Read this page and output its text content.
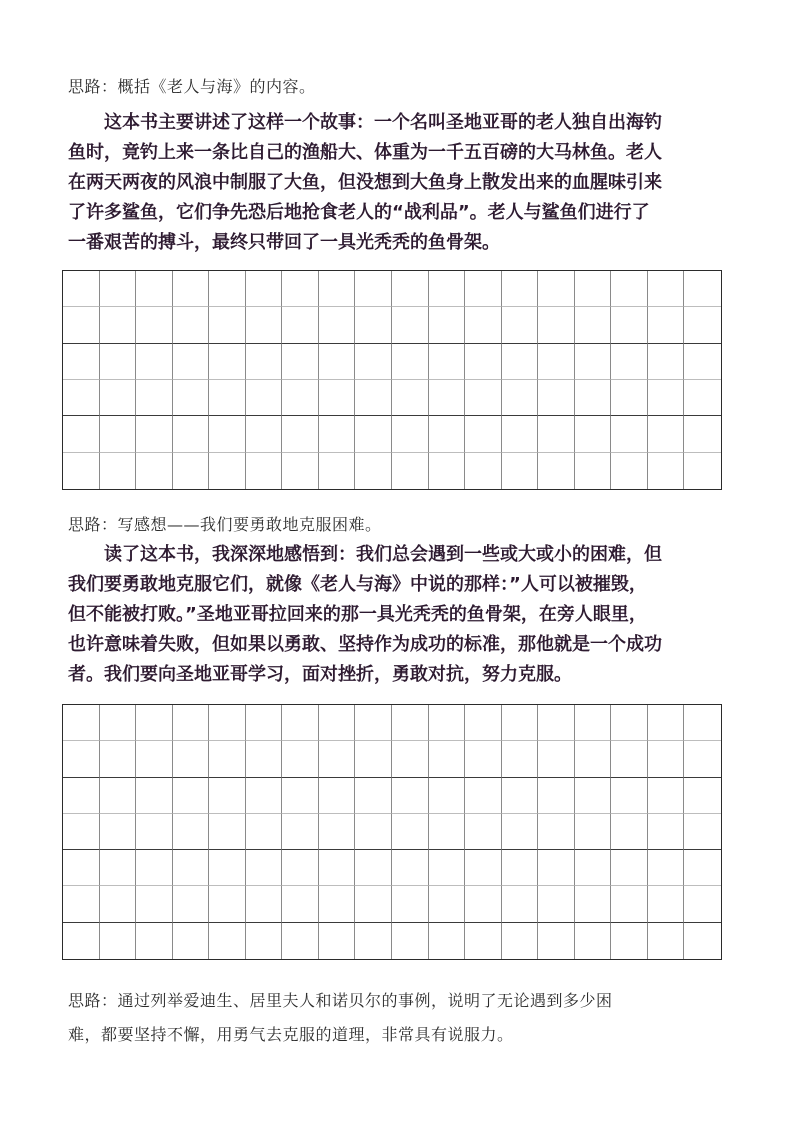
思路：概括《老人与海》的内容。
这本书主要讲述了这样一个故事：一个名叫圣地亚哥的老人独自出海钓
鱼时，竟钓上来一条比自己的渔船大、体重为一千五百磅的大马林鱼。老人
在两天两夜的风浪中制服了大鱼，但没想到大鱼身上散发出来的血腥味引来
了许多鲨鱼，它们争先恐后地抢食老人的“战利品”。老人与鲨鱼们进行了
一番艰苦的搏斗，最终只带回了一具光秃秃的鱼骨架。
思路：写感想——我们要勇敢地克服困难。
读了这本书，我深深地感悟到：我们总会遇到一些或大或小的困难，但
我们要勇敢地克服它们，就像《老人与海》中说的那样：”人可以被摧毁，
但不能被打败。”圣地亚哥拉回来的那一具光秃秃的鱼骨架，在旁人眼里，
也许意味着失败，但如果以勇敢、坚持作为成功的标准，那他就是一个成功
者。我们要向圣地亚哥学习，面对挫折，勇敢对抗，努力克服。
思路：通过列举爱迪生、居里夫人和诺贝尔的事例，说明了无论遇到多少困
难，都要坚持不懈，用勇气去克服的道理，非常具有说服力。
